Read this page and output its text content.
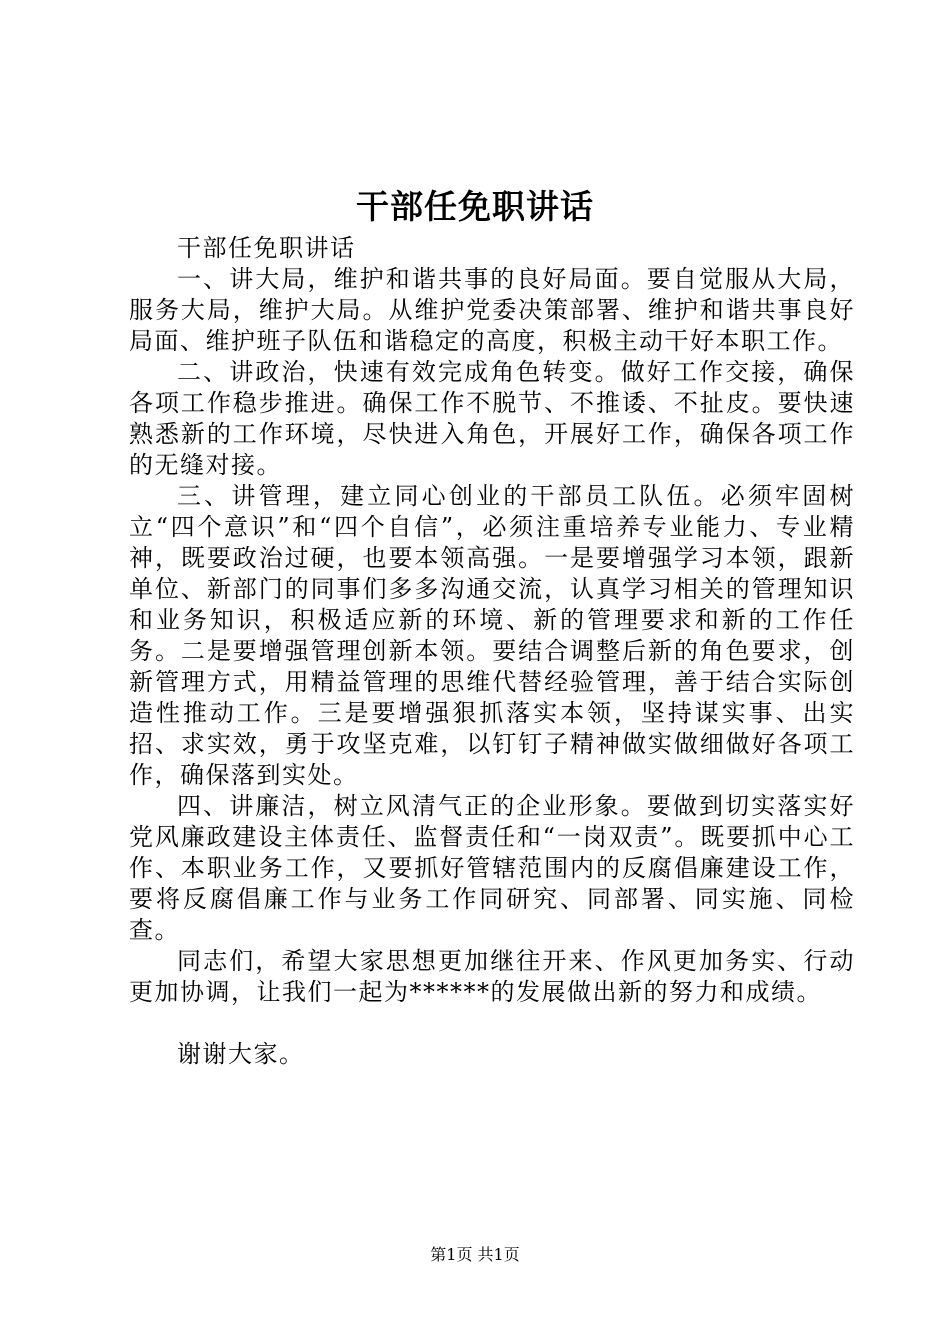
干部任免职讲话

干部任免职讲话

一、讲大局，维护和谐共事的良好局面。要自觉服从大局，服务大局，维护大局。从维护党委决策部署、维护和谐共事良好局面、维护班子队伍和谐稳定的高度，积极主动干好本职工作。

二、讲政治，快速有效完成角色转变。做好工作交接，确保各项工作稳步推进。确保工作不脱节、不推诿、不扯皮。要快速熟悉新的工作环境，尽快进入角色，开展好工作，确保各项工作的无缝对接。

三、讲管理，建立同心创业的干部员工队伍。必须牢固树立“四个意识”和“四个自信”，必须注重培养专业能力、专业精神，既要政治过硬，也要本领高强。一是要增强学习本领，跟新单位、新部门的同事们多多沟通交流，认真学习相关的管理知识和业务知识，积极适应新的环境、新的管理要求和新的工作任务。二是要增强管理创新本领。要结合调整后新的角色要求，创新管理方式，用精益管理的思维代替经验管理，善于结合实际创造性推动工作。三是要增强狠抓落实本领，坚持谋实事、出实招、求实效，勇于攻坚克难，以钉钉子精神做实做细做好各项工作，确保落到实处。

四、讲廉洁，树立风清气正的企业形象。要做到切实落实好党风廉政建设主体责任、监督责任和“一岗双责”。既要抓中心工作、本职业务工作，又要抓好管辖范围内的反腐倡廉建设工作，要将反腐倡廉工作与业务工作同研究、同部署、同实施、同检查。

同志们，希望大家思想更加继往开来、作风更加务实、行动更加协调，让我们一起为******的发展做出新的努力和成绩。

谢谢大家。

第1页 共1页
